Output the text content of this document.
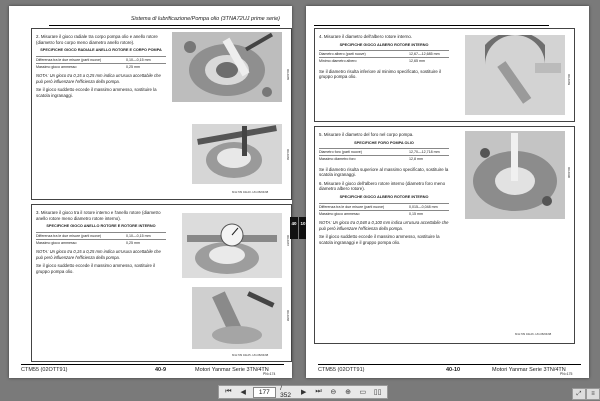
Sistema di lubrificazione/Pompa olio (3TNA72UJ prime serie)

2. Misurare il gioco radiale tra corpo pompa olio e anello rotore (diametro foro corpo meno diametro anello rotore).

SPECIFICHE GIOCO RADIALE ANELLO ROTORE E CORPO POMPA
Differenza tra le due misure (parti nuove)	0,10—0,15 mm
Massimo gioco ammesso	0,25 mm

NOTA: Un gioco tra 0,15 a 0,25 mm indica un'usura accettabile che può però influenzare l'efficienza della pompa.

Se il gioco suddetto eccede il massimo ammesso, sostituire la scatola ingranaggi.

RG4985
RG4986
M1L739 04L20 -UN-08/04/98

3. Misurare il gioco tra il rotore interno e l'anello rotore (diametro anello rotore meno diametro rotore interno).

SPECIFICHE GIOCO ANELLO ROTORE E ROTORE INTERNO
Differenza tra le due misure (parti nuove)	0,10—0,15 mm
Massimo gioco ammesso	0,25 mm

NOTA: Un gioco tra 0,15 a 0,25 mm indica un'usura accettabile che può però influenzare l'efficienza della pompa.

Se il gioco suddetto eccede il massimo ammesso, sostituire il gruppo pompa olio.

RG4987
RG4988
M1L739 04L25 -UN-08/04/98
CTM55 (02OTT91)	40-9	Motori Yanmar Serie 3TN/4TN
PN=174
40 10

4. Misurare il diametro dell'albero rotore interno.

SPECIFICHE GIOCO ALBERO ROTORE INTERNO
Diametro albero (parti nuove)	12,67—12,685 mm
Minimo diametro albero	12,65 mm

Se il diametro risulta inferiore al minimo specificato, sostituire il gruppo pompa olio.	RG4989

5. Misurare il diametro del foro nel corpo pompa.

SPECIFICHE FORO POMPA OLIO
Diametro foro (parti nuove)	12,70—12,718 mm
Massimo diametro foro	12,8 mm

Se il diametro risulta superiore al massimo specificato, sostituire la scatola ingranaggi.

6. Misurare il gioco dell'albero rotore interno (diametro foro meno diametro albero rotore).

SPECIFICHE GIOCO ALBERO ROTORE INTERNO
Differenza tra le due misure (parti nuove)	0,015—0,048 mm
Massimo gioco ammesso	0,15 mm

NOTA: Un gioco tra 0,048 a 0,100 mm indica un'usura accettabile che può però influenzare l'efficienza della pompa.

Se il gioco suddetto eccede il massimo ammesso, sostituire la scatola ingranaggi e il gruppo pompa olio.

RG4990
M1L739 04L26 -UN-08/04/98
CTM55 (02OTT91)	40-10	Motori Yanmar Serie 3TN/4TN
PN=175
⏮	◀	177	/ 352	▶	⏭	⊖	⊕	▭ ▯▯	⤢	≡
